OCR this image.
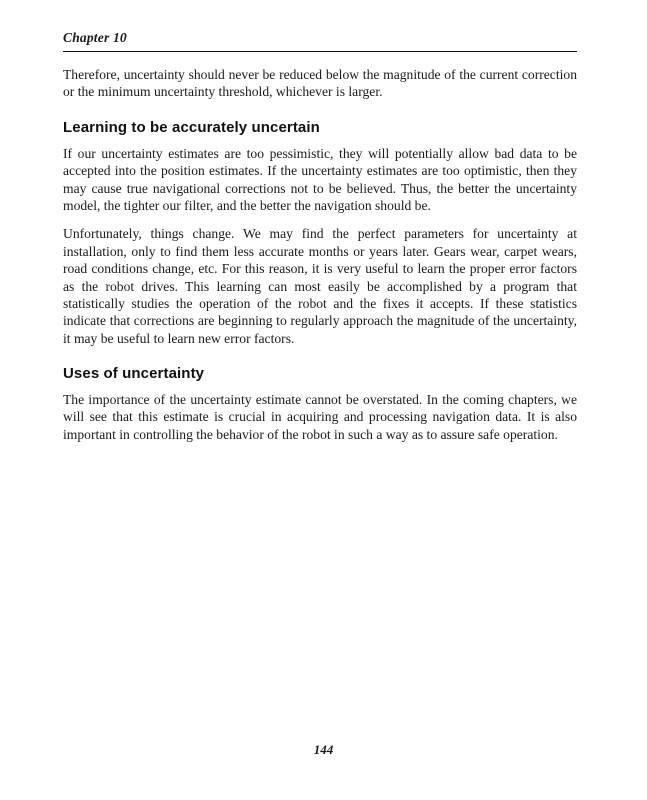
Chapter 10

Therefore, uncertainty should never be reduced below the magnitude of the current correction or the minimum uncertainty threshold, whichever is larger.

Learning to be accurately uncertain

If our uncertainty estimates are too pessimistic, they will potentially allow bad data to be accepted into the position estimates. If the uncertainty estimates are too optimistic, then they may cause true navigational corrections not to be believed. Thus, the better the uncertainty model, the tighter our filter, and the better the navigation should be.

Unfortunately, things change. We may find the perfect parameters for uncertainty at installation, only to find them less accurate months or years later. Gears wear, carpet wears, road conditions change, etc. For this reason, it is very useful to learn the proper error factors as the robot drives. This learning can most easily be accomplished by a program that statistically studies the operation of the robot and the fixes it accepts. If these statistics indicate that corrections are beginning to regularly approach the magnitude of the uncertainty, it may be useful to learn new error factors.

Uses of uncertainty

The importance of the uncertainty estimate cannot be overstated. In the coming chapters, we will see that this estimate is crucial in acquiring and processing navigation data. It is also important in controlling the behavior of the robot in such a way as to assure safe operation.

144
